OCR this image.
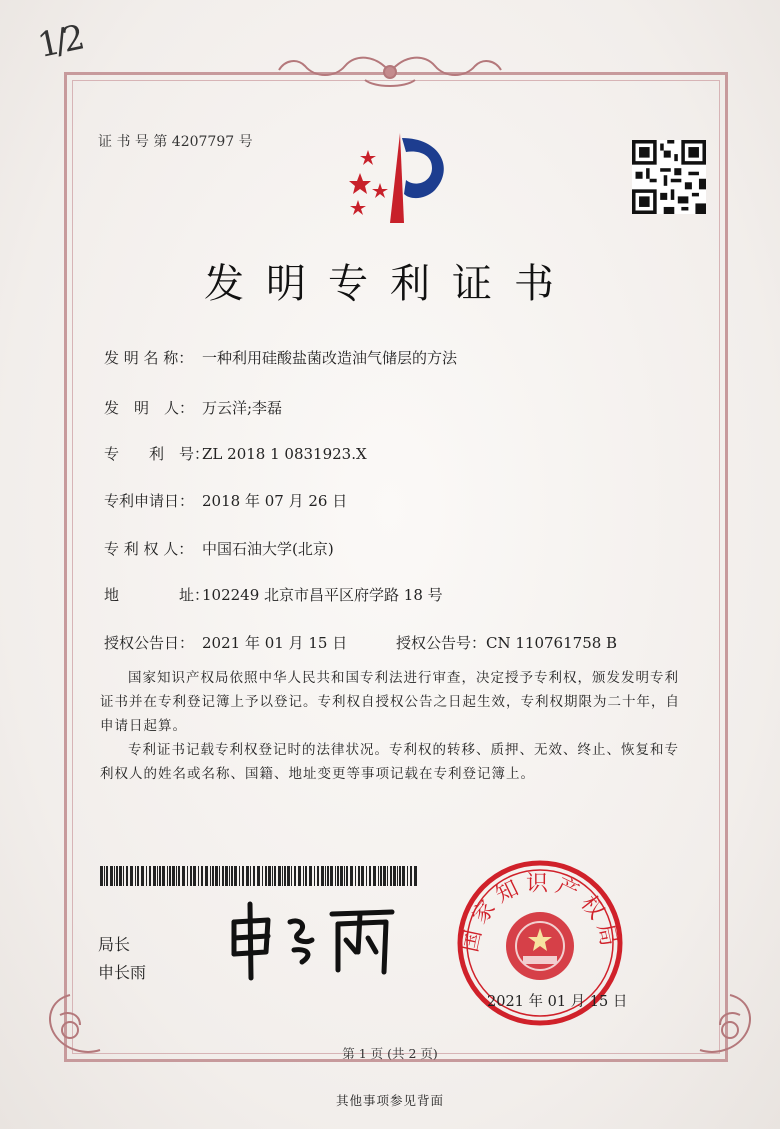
1/2
证 书 号 第 4207797 号
发明专利证书
发 明 名 称： 一种利用硅酸盐菌改造油气储层的方法
发　明　人： 万云洋;李磊
专　　利　号：ZL 2018 1 0831923.X
专利申请日： 2018 年 07 月 26 日
专 利 权 人： 中国石油大学(北京)
地　　　　址：102249 北京市昌平区府学路 18 号
授权公告日： 2021 年 01 月 15 日	授权公告号：CN 110761758 B
国家知识产权局依照中华人民共和国专利法进行审查，决定授予专利权，颁发发明专利证书并在专利登记簿上予以登记。专利权自授权公告之日起生效，专利权期限为二十年，自申请日起算。
专利证书记载专利权登记时的法律状况。专利权的转移、质押、无效、终止、恢复和专利权人的姓名或名称、国籍、地址变更等事项记载在专利登记簿上。
局长
申长雨
国家知识产权局
2021 年 01 月 15 日
第 1 页 (共 2 页)
其他事项参见背面
